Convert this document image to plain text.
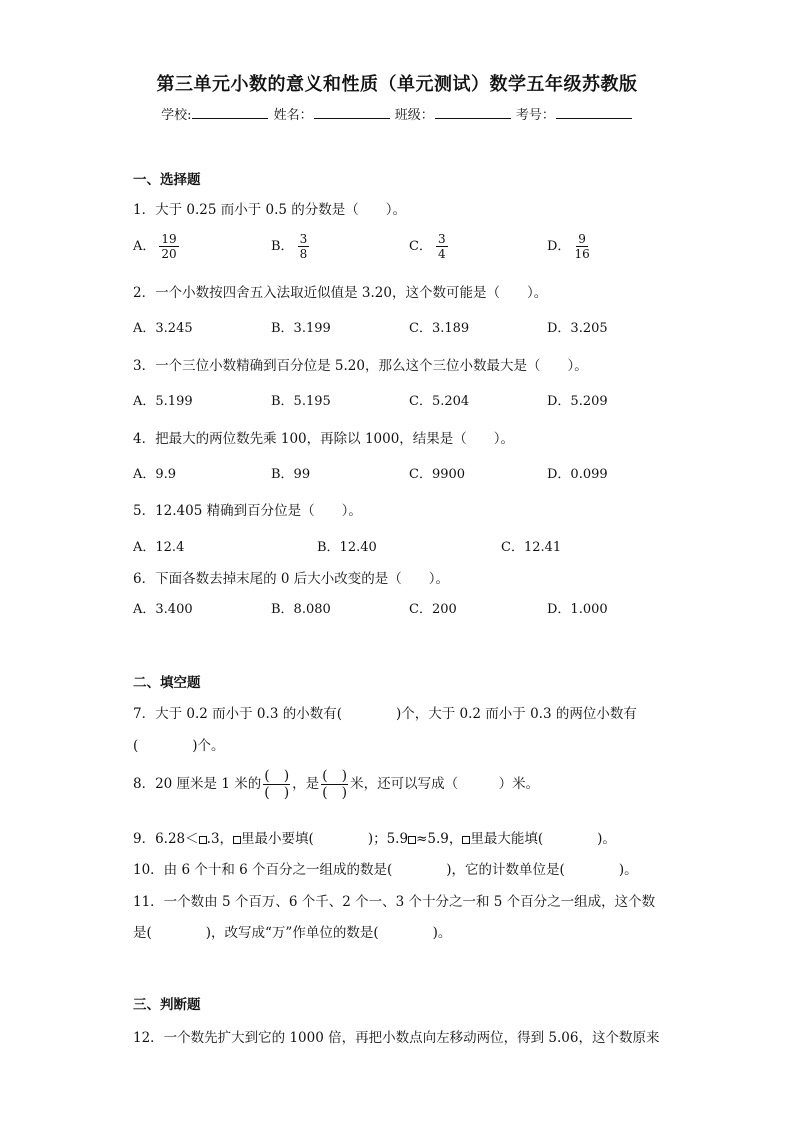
第三单元小数的意义和性质（单元测试）数学五年级苏教版
学校:	姓名：	班级：	考号：
一、选择题
1．大于 0.25 而小于 0.5 的分数是（　　）。
A． $\frac{19}{20}$	B． $\frac{3}{8}$	C． $\frac{3}{4}$	D． $\frac{9}{16}$
2．一个小数按四舍五入法取近似值是 3.20，这个数可能是（　　）。
A．3.245	B．3.199	C．3.189	D．3.205
3．一个三位小数精确到百分位是 5.20，那么这个三位小数最大是（　　）。
A．5.199	B．5.195	C．5.204	D．5.209
4．把最大的两位数先乘 100，再除以 1000，结果是（　　）。
A．9.9	B．99	C．9900	D．0.099
5．12.405 精确到百分位是（　　）。
A．12.4	B．12.40	C．12.41
6．下面各数去掉末尾的 0 后大小改变的是（　　）。
A．3.400	B．8.080	C．200	D．1.000
二、填空题
7．大于 0.2 而小于 0.3 的小数有(　　　　)个，大于 0.2 而小于 0.3 的两位小数有
(　　　　)个。
8．20 厘米是 1 米的 $\frac{( )}{( )}$ ，是 $\frac{( )}{( )}$ 米，还可以写成（　　　）米。
9．6.28＜ .3， 里最小要填(　　　　)；5.9 ≈5.9， 里最大能填(　　　　)。
10．由 6 个十和 6 个百分之一组成的数是(　　　　)，它的计数单位是(　　　　)。
11．一个数由 5 个百万、6 个千、2 个一、3 个十分之一和 5 个百分之一组成，这个数
是(　　　　)，改写成“万”作单位的数是(　　　　)。
三、判断题
12．一个数先扩大到它的 1000 倍，再把小数点向左移动两位，得到 5.06，这个数原来
